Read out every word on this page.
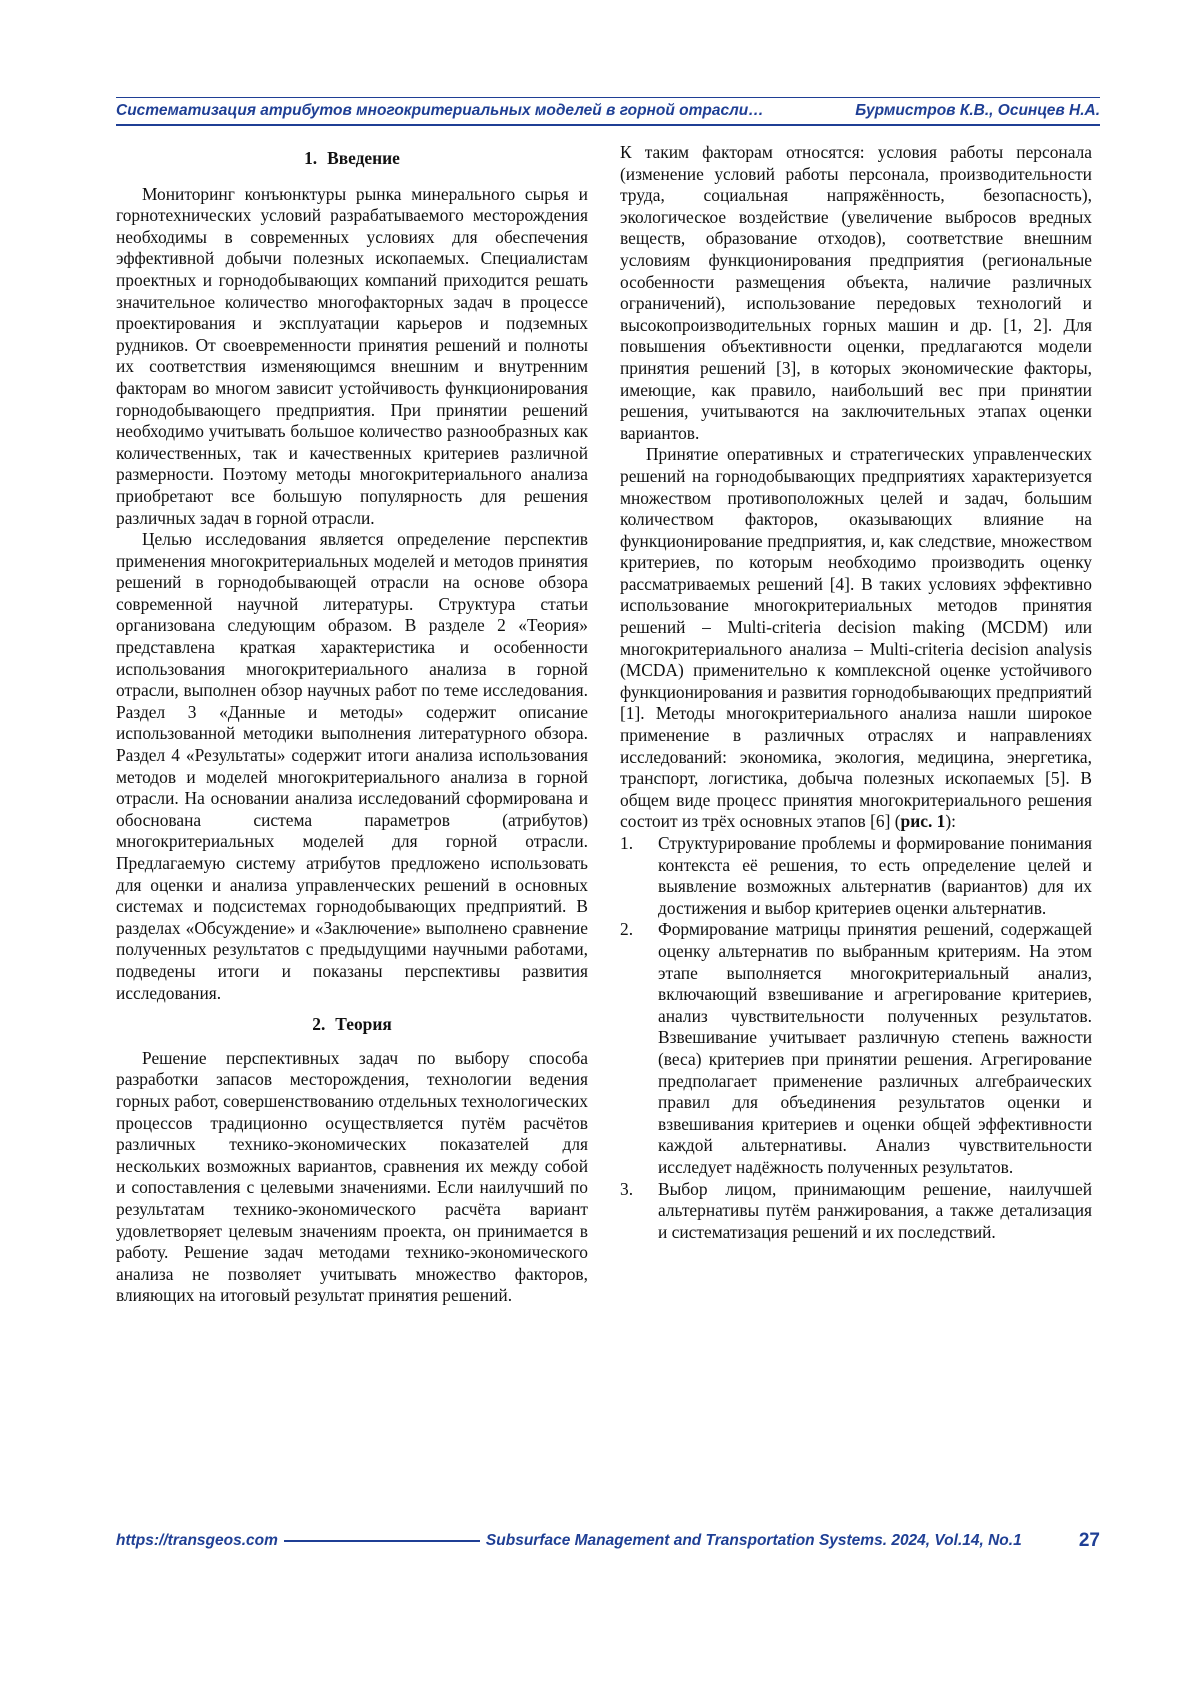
Систематизация атрибутов многокритериальных моделей в горной отрасли…	Бурмистров К.В., Осинцев Н.А.
1. Введение

Мониторинг конъюнктуры рынка минерального сырья и горнотехнических условий разрабатываемого месторождения необходимы в современных условиях для обеспечения эффективной добычи полезных ископаемых. Специалистам проектных и горнодобывающих компаний приходится решать значительное количество многофакторных задач в процессе проектирования и эксплуатации карьеров и подземных рудников. От своевременности принятия решений и полноты их соответствия изменяющимся внешним и внутренним факторам во многом зависит устойчивость функционирования горнодобывающего предприятия. При принятии решений необходимо учитывать большое количество разнообразных как количественных, так и качественных критериев различной размерности. Поэтому методы многокритериального анализа приобретают все большую популярность для решения различных задач в горной отрасли.

Целью исследования является определение перспектив применения многокритериальных моделей и методов принятия решений в горнодобывающей отрасли на основе обзора современной научной литературы. Структура статьи организована следующим образом. В разделе 2 «Теория» представлена краткая характеристика и особенности использования многокритериального анализа в горной отрасли, выполнен обзор научных работ по теме исследования. Раздел 3 «Данные и методы» содержит описание использованной методики выполнения литературного обзора. Раздел 4 «Результаты» содержит итоги анализа использования методов и моделей многокритериального анализа в горной отрасли. На основании анализа исследований сформирована и обоснована система параметров (атрибутов) многокритериальных моделей для горной отрасли. Предлагаемую систему атрибутов предложено использовать для оценки и анализа управленческих решений в основных системах и подсистемах горнодобывающих предприятий. В разделах «Обсуждение» и «Заключение» выполнено сравнение полученных результатов с предыдущими научными работами, подведены итоги и показаны перспективы развития исследования.

2. Теория

Решение перспективных задач по выбору способа разработки запасов месторождения, технологии ведения горных работ, совершенствованию отдельных технологических процессов традиционно осуществляется путём расчётов различных технико-экономических показателей для нескольких возможных вариантов, сравнения их между собой и сопоставления с целевыми значениями. Если наилучший по результатам технико-экономического расчёта вариант удовлетворяет целевым значениям проекта, он принимается в работу. Решение задач методами технико-экономического анализа не позволяет учитывать множество факторов, влияющих на итоговый результат принятия решений.

К таким факторам относятся: условия работы персонала (изменение условий работы персонала, производительности труда, социальная напряжённость, безопасность), экологическое воздействие (увеличение выбросов вредных веществ, образование отходов), соответствие внешним условиям функционирования предприятия (региональные особенности размещения объекта, наличие различных ограничений), использование передовых технологий и высокопроизводительных горных машин и др. [1, 2]. Для повышения объективности оценки, предлагаются модели принятия решений [3], в которых экономические факторы, имеющие, как правило, наибольший вес при принятии решения, учитываются на заключительных этапах оценки вариантов.

Принятие оперативных и стратегических управленческих решений на горнодобывающих предприятиях характеризуется множеством противоположных целей и задач, большим количеством факторов, оказывающих влияние на функционирование предприятия, и, как следствие, множеством критериев, по которым необходимо производить оценку рассматриваемых решений [4]. В таких условиях эффективно использование многокритериальных методов принятия решений – Multi-criteria decision making (MCDM) или многокритериального анализа – Multi-criteria decision analysis (MCDA) применительно к комплексной оценке устойчивого функционирования и развития горнодобывающих предприятий [1]. Методы многокритериального анализа нашли широкое применение в различных отраслях и направлениях исследований: экономика, экология, медицина, энергетика, транспорт, логистика, добыча полезных ископаемых [5]. В общем виде процесс принятия многокритериального решения состоит из трёх основных этапов [6] (рис. 1):

1. Структурирование проблемы и формирование понимания контекста её решения, то есть определение целей и выявление возможных альтернатив (вариантов) для их достижения и выбор критериев оценки альтернатив.
2. Формирование матрицы принятия решений, содержащей оценку альтернатив по выбранным критериям. На этом этапе выполняется многокритериальный анализ, включающий взвешивание и агрегирование критериев, анализ чувствительности полученных результатов. Взвешивание учитывает различную степень важности (веса) критериев при принятии решения. Агрегирование предполагает применение различных алгебраических правил для объединения результатов оценки и взвешивания критериев и оценки общей эффективности каждой альтернативы. Анализ чувствительности исследует надёжность полученных результатов.
3. Выбор лицом, принимающим решение, наилучшей альтернативы путём ранжирования, а также детализация и систематизация решений и их последствий.
https://transgeos.com	Subsurface Management and Transportation Systems. 2024, Vol.14, No.1	27
